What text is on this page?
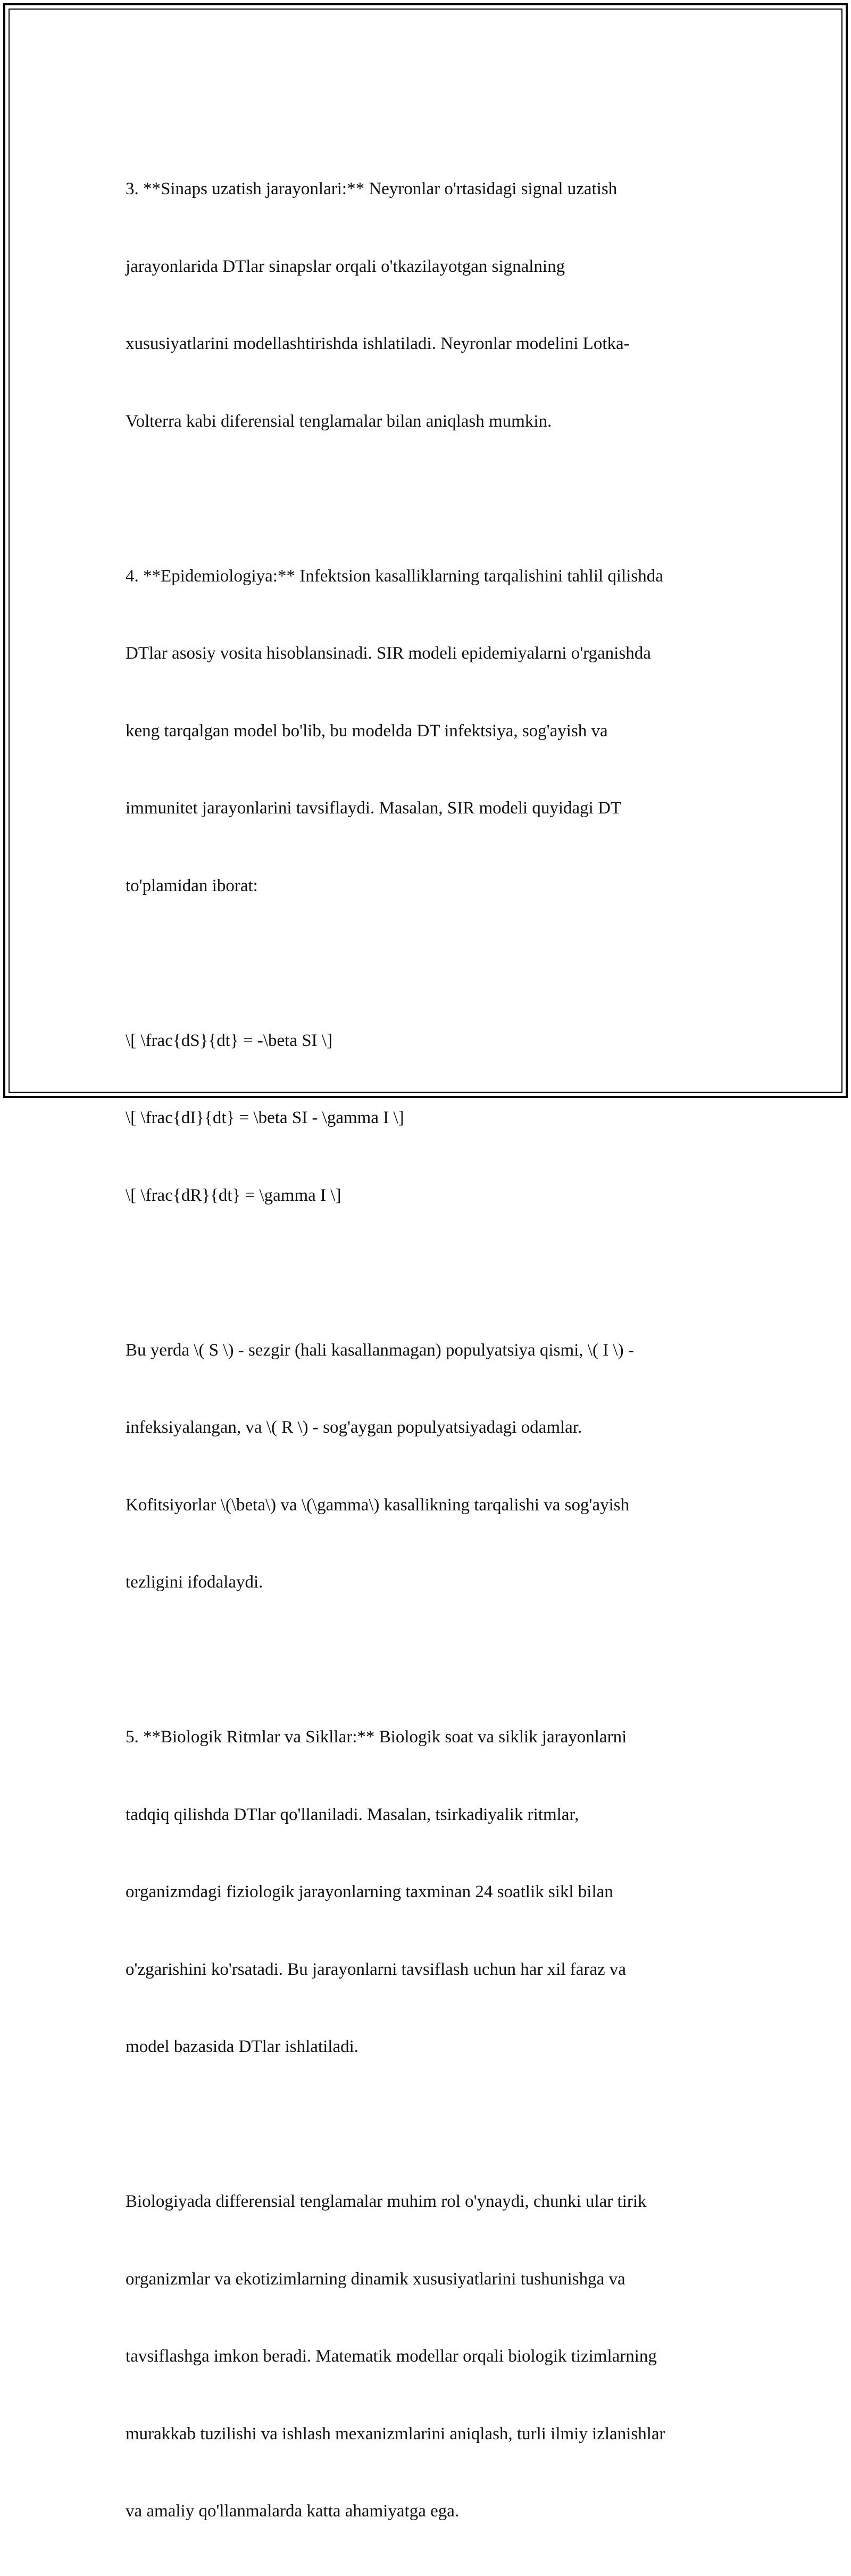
3. **Sinaps uzatish jarayonlari:** Neyronlar o'rtasidagi signal uzatish

jarayonlarida DTlar sinapslar orqali o'tkazilayotgan signalning

xususiyatlarini modellashtirishda ishlatiladi. Neyronlar modelini Lotka-

Volterra kabi diferensial tenglamalar bilan aniqlash mumkin.

4. **Epidemiologiya:** Infektsion kasalliklarning tarqalishini tahlil qilishda

DTlar asosiy vosita hisoblansinadi. SIR modeli epidemiyalarni o'rganishda

keng tarqalgan model bo'lib, bu modelda DT infektsiya, sog'ayish va

immunitet jarayonlarini tavsiflaydi. Masalan, SIR modeli quyidagi DT

to'plamidan iborat:

\[ \frac{dS}{dt} = -\beta SI \]

\[ \frac{dI}{dt} = \beta SI - \gamma I \]

\[ \frac{dR}{dt} = \gamma I \]

Bu yerda \( S \) - sezgir (hali kasallanmagan) populyatsiya qismi, \( I \) -

infeksiyalangan, va \( R \) - sog'aygan populyatsiyadagi odamlar.

Kofitsiyorlar \(\beta\) va \(\gamma\) kasallikning tarqalishi va sog'ayish

tezligini ifodalaydi.

5. **Biologik Ritmlar va Sikllar:** Biologik soat va siklik jarayonlarni

tadqiq qilishda DTlar qo'llaniladi. Masalan, tsirkadiyalik ritmlar,

organizmdagi fiziologik jarayonlarning taxminan 24 soatlik sikl bilan

o'zgarishini ko'rsatadi. Bu jarayonlarni tavsiflash uchun har xil faraz va

model bazasida DTlar ishlatiladi.

Biologiyada differensial tenglamalar muhim rol o'ynaydi, chunki ular tirik

organizmlar va ekotizimlarning dinamik xususiyatlarini tushunishga va

tavsiflashga imkon beradi. Matematik modellar orqali biologik tizimlarning

murakkab tuzilishi va ishlash mexanizmlarini aniqlash, turli ilmiy izlanishlar

va amaliy qo'llanmalarda katta ahamiyatga ega.
